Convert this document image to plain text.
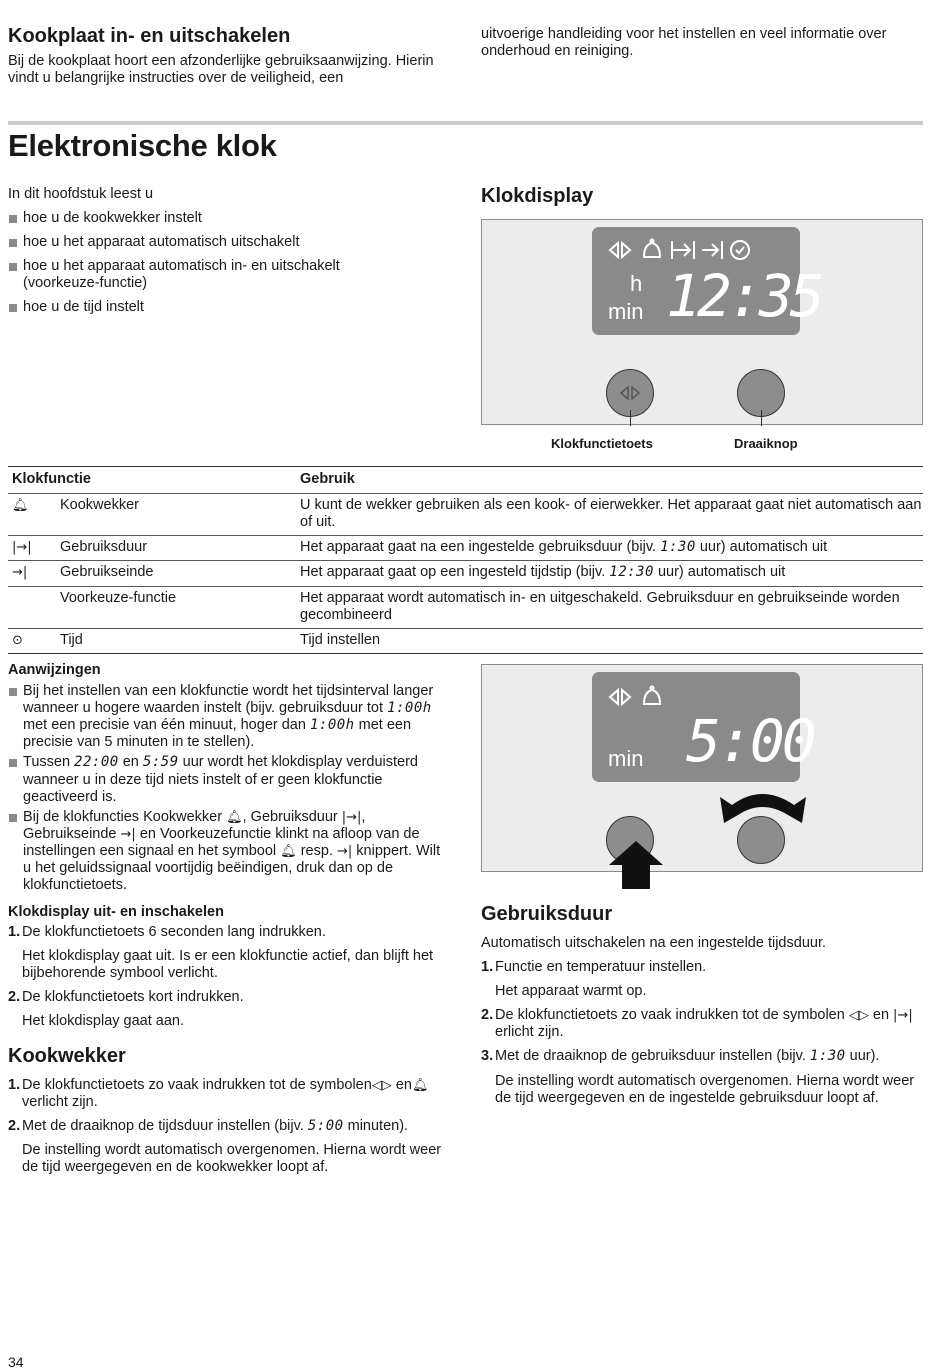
Kookplaat in- en uitschakelen

Bij de kookplaat hoort een afzonderlijke gebruiksaanwijzing. Hierin vindt u belangrijke instructies over de veiligheid, een

uitvoerige handleiding voor het instellen en veel informatie over onderhoud en reiniging.

Elektronische klok

In dit hoofdstuk leest u

hoe u de kookwekker instelt
hoe u het apparaat automatisch uitschakelt
hoe u het apparaat automatisch in- en uitschakelt (voorkeuze-functie)
hoe u de tijd instelt
Klokdisplay
h
min 12:35
Klokfunctietoets	Draaiknop
Klokfunctie		Gebruik
🔔︎	Kookwekker	U kunt de wekker gebruiken als een kook- of eierwekker. Het apparaat gaat niet automatisch aan of uit.
|→|	Gebruiksduur	Het apparaat gaat na een ingestelde gebruiksduur (bijv. 1:30 uur) automatisch uit
→|	Gebruikseinde	Het apparaat gaat op een ingesteld tijdstip (bijv. 12:30 uur) automatisch uit
	Voorkeuze-functie	Het apparaat wordt automatisch in- en uitgeschakeld. Gebruiksduur en gebruikseinde worden gecombineerd
⊙	Tijd	Tijd instellen
Aanwijzingen
Bij het instellen van een klokfunctie wordt het tijdsinterval langer wanneer u hogere waarden instelt (bijv. gebruiksduur tot 1:00h met een precisie van één minuut, hoger dan 1:00h met een precisie van 5 minuten in te stellen).
Tussen 22:00 en 5:59 uur wordt het klokdisplay verduisterd wanneer u in deze tijd niets instelt of er geen klokfunctie geactiveerd is.
Bij de klokfuncties Kookwekker 🔔︎, Gebruiksduur |→|, Gebruikseinde →| en Voorkeuzefunctie klinkt na afloop van de instellingen een signaal en het symbool 🔔︎ resp. →| knippert. Wilt u het geluidssignaal voortijdig beëindigen, druk dan op de klokfunctietoets.
Klokdisplay uit- en inschakelen
1. De klokfunctietoets 6 seconden lang indrukken.

Het klokdisplay gaat uit. Is er een klokfunctie actief, dan blijft het bijbehorende symbool verlicht.

2. De klokfunctietoets kort indrukken.

Het klokdisplay gaat aan.

Kookwekker
1. De klokfunctietoets zo vaak indrukken tot de symbolen◁▷ en🔔︎ verlicht zijn.
2. Met de draaiknop de tijdsduur instellen (bijv. 5:00 minuten).

De instelling wordt automatisch overgenomen. Hierna wordt weer de tijd weergegeven en de kookwekker loopt af.

min 5:00
Gebruiksduur

Automatisch uitschakelen na een ingestelde tijdsduur.

1. Functie en temperatuur instellen.

Het apparaat warmt op.

2. De klokfunctietoets zo vaak indrukken tot de symbolen ◁▷ en |→| erlicht zijn.
3. Met de draaiknop de gebruiksduur instellen (bijv. 1:30 uur).

De instelling wordt automatisch overgenomen. Hierna wordt weer de tijd weergegeven en de ingestelde gebruiksduur loopt af.

34
